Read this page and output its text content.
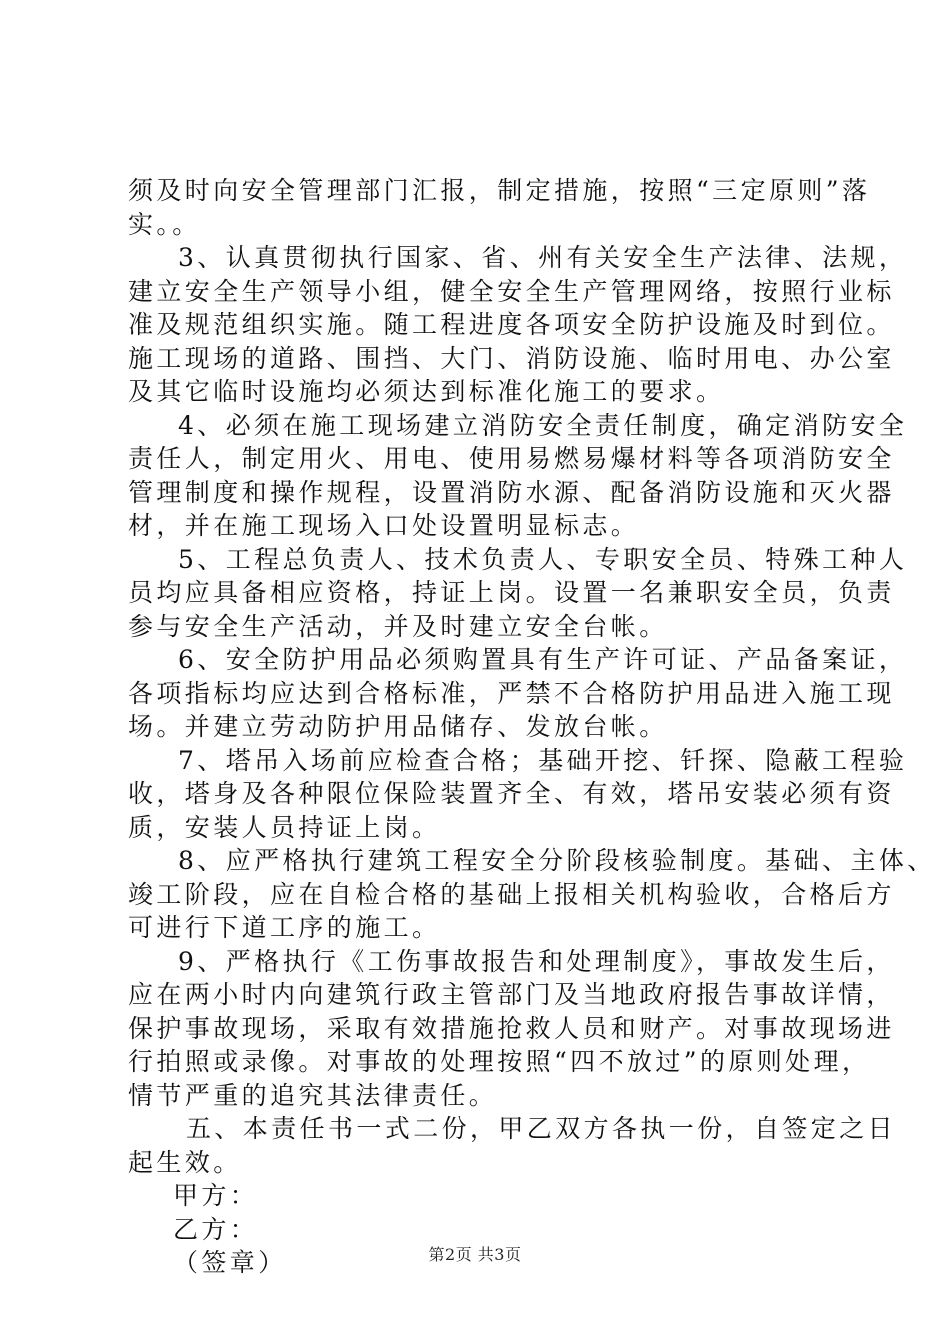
须及时向安全管理部门汇报，制定措施，按照“三定原则”落
实。。
3、认真贯彻执行国家、省、州有关安全生产法律、法规，
建立安全生产领导小组，健全安全生产管理网络，按照行业标
准及规范组织实施。随工程进度各项安全防护设施及时到位。
施工现场的道路、围挡、大门、消防设施、临时用电、办公室
及其它临时设施均必须达到标准化施工的要求。
4、必须在施工现场建立消防安全责任制度，确定消防安全
责任人，制定用火、用电、使用易燃易爆材料等各项消防安全
管理制度和操作规程，设置消防水源、配备消防设施和灭火器
材，并在施工现场入口处设置明显标志。
5、工程总负责人、技术负责人、专职安全员、特殊工种人
员均应具备相应资格，持证上岗。设置一名兼职安全员，负责
参与安全生产活动，并及时建立安全台帐。
6、安全防护用品必须购置具有生产许可证、产品备案证，
各项指标均应达到合格标准，严禁不合格防护用品进入施工现
场。并建立劳动防护用品储存、发放台帐。
7、塔吊入场前应检查合格；基础开挖、钎探、隐蔽工程验
收，塔身及各种限位保险装置齐全、有效，塔吊安装必须有资
质，安装人员持证上岗。
8、应严格执行建筑工程安全分阶段核验制度。基础、主体、
竣工阶段，应在自检合格的基础上报相关机构验收，合格后方
可进行下道工序的施工。
9、严格执行《工伤事故报告和处理制度》，事故发生后，
应在两小时内向建筑行政主管部门及当地政府报告事故详情，
保护事故现场，采取有效措施抢救人员和财产。对事故现场进
行拍照或录像。对事故的处理按照“四不放过”的原则处理，
情节严重的追究其法律责任。
五、本责任书一式二份，甲乙双方各执一份，自签定之日
起生效。
甲方：
乙方：
（签章）	第2页 共3页
